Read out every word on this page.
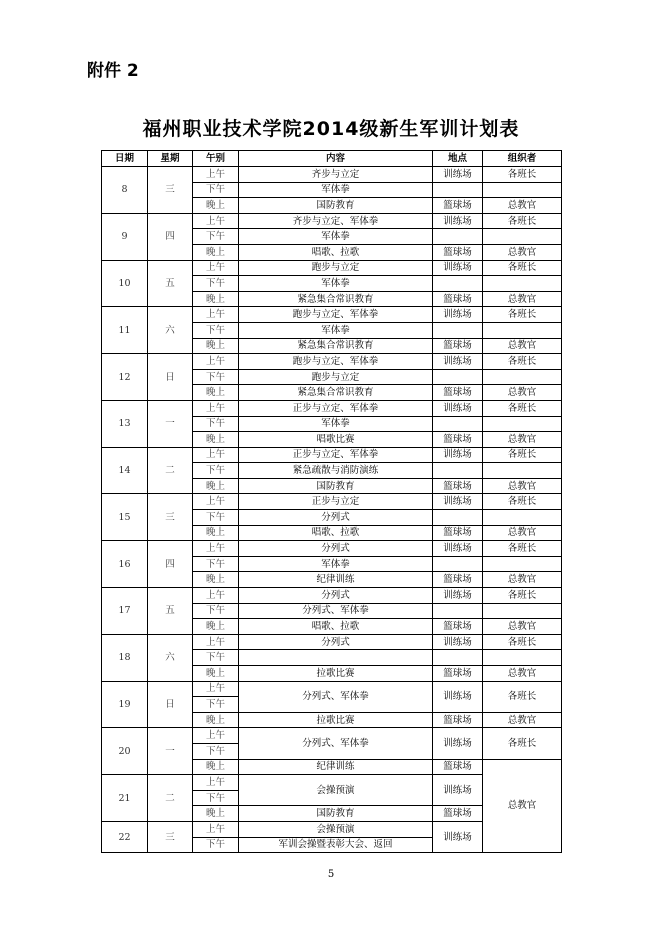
附件 2
福州职业技术学院2014级新生军训计划表
日期	星期	午别	内容	地点	组织者
8	三	上午	齐步与立定	训练场	各班长
		下午	军体拳		
		晚上	国防教育	篮球场	总教官
9	四	上午	齐步与立定、军体拳	训练场	各班长
		下午	军体拳		
		晚上	唱歌、拉歌	篮球场	总教官
10	五	上午	跑步与立定	训练场	各班长
		下午	军体拳		
		晚上	紧急集合常识教育	篮球场	总教官
11	六	上午	跑步与立定、军体拳	训练场	各班长
		下午	军体拳		
		晚上	紧急集合常识教育	篮球场	总教官
12	日	上午	跑步与立定、军体拳	训练场	各班长
		下午	跑步与立定		
		晚上	紧急集合常识教育	篮球场	总教官
13	一	上午	正步与立定、军体拳	训练场	各班长
		下午	军体拳		
		晚上	唱歌比赛	篮球场	总教官
14	二	上午	正步与立定、军体拳	训练场	各班长
		下午	紧急疏散与消防演练		
		晚上	国防教育	篮球场	总教官
15	三	上午	正步与立定	训练场	各班长
		下午	分列式		
		晚上	唱歌、拉歌	篮球场	总教官
16	四	上午	分列式	训练场	各班长
		下午	军体拳		
		晚上	纪律训练	篮球场	总教官
17	五	上午	分列式	训练场	各班长
		下午	分列式、军体拳		
		晚上	唱歌、拉歌	篮球场	总教官
18	六	上午	分列式	训练场	各班长
		下午			
		晚上	拉歌比赛	篮球场	总教官
19	日	上午	分列式、军体拳	训练场	各班长
		下午			
		晚上	拉歌比赛	篮球场	总教官
20	一	上午	分列式、军体拳	训练场	各班长
		下午			
		晚上	纪律训练	篮球场	总教官
21	二	上午	会操预演	训练场	
		下午			
		晚上	国防教育	篮球场	
22	三	上午	会操预演	训练场	
		下午	军训会操暨表彰大会、返回		
5
